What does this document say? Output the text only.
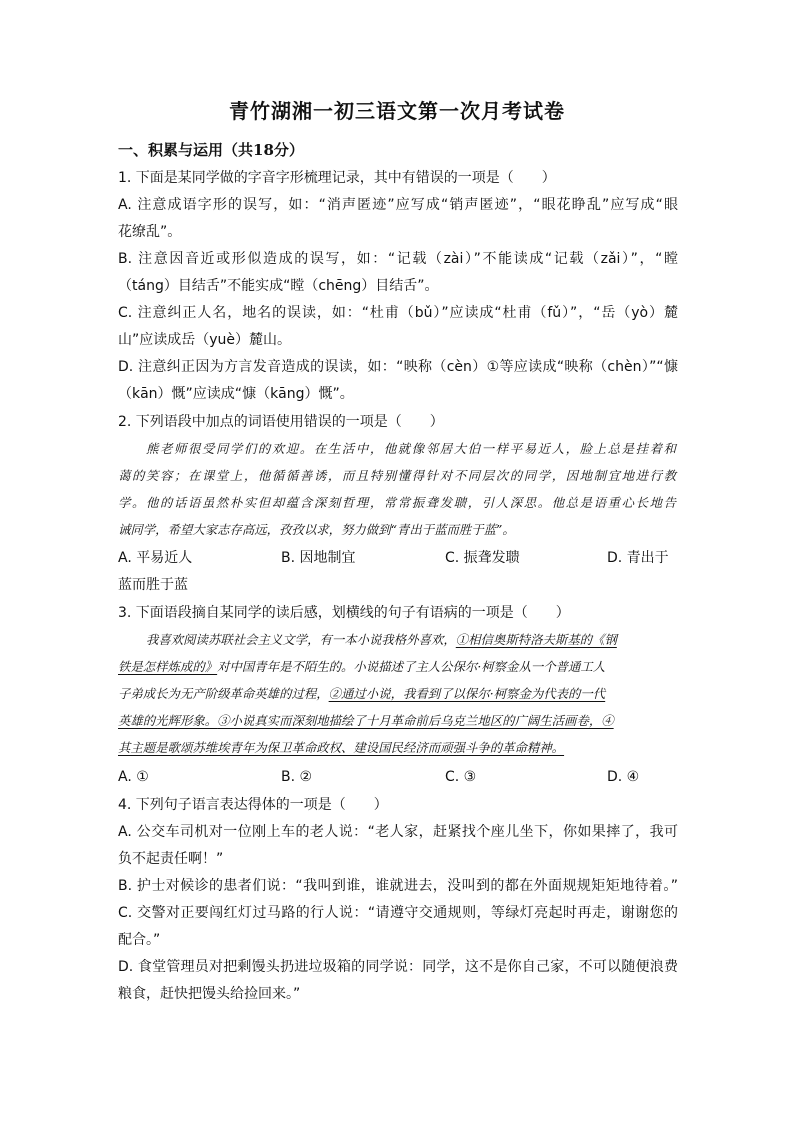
青竹湖湘一初三语文第一次月考试卷
一、积累与运用（共18分）
1. 下面是某同学做的字音字形梳理记录，其中有错误的一项是（　　）
A. 注意成语字形的误写，如：“消声匿迹”应写成“销声匿迹”，“眼花睁乱”应写成“眼
花缭乱”。
B. 注意因音近或形似造成的误写，如：“记载（zài）”不能读成“记载（zǎi）”，“瞠
（táng）目结舌”不能实成“瞠（chēng）目结舌”。
C. 注意纠正人名，地名的误读，如：“杜甫（bǔ）”应读成“杜甫（fǔ）”，“岳（yò）麓
山”应读成岳（yuè）麓山。
D. 注意纠正因为方言发音造成的误读，如：“映称（cèn）①等应读成“映称（chèn）”“慷
（kān）慨”应读成“慷（kāng）慨”。
2. 下列语段中加点的词语使用错误的一项是（　　）
熊老师很受同学们的欢迎。在生活中，他就像邻居大伯一样平易近人，脸上总是挂着和
蔼的笑容；在课堂上，他循循善诱，而且特别懂得针对不同层次的同学，因地制宜地进行教
学。他的话语虽然朴实但却蕴含深刻哲理，常常振聋发聩，引人深思。他总是语重心长地告
诫同学，希望大家志存高远，孜孜以求，努力做到“青出于蓝而胜于蓝”。
A. 平易近人	B. 因地制宜	C. 振聋发聩	D. 青出于
蓝而胜于蓝
3. 下面语段摘自某同学的读后感，划横线的句子有语病的一项是（　　）
我喜欢阅读苏联社会主义文学，有一本小说我格外喜欢，①相信奥斯特洛夫斯基的《钢
铁是怎样炼成的》对中国青年是不陌生的。小说描述了主人公保尔·柯察金从一个普通工人
子弟成长为无产阶级革命英雄的过程，②通过小说，我看到了以保尔·柯察金为代表的一代
英雄的光辉形象。③小说真实而深刻地描绘了十月革命前后乌克兰地区的广阔生活画卷，④
其主题是歌颂苏维埃青年为保卫革命政权、建设国民经济而顽强斗争的革命精神。
A. ①	B. ②	C. ③	D. ④
4. 下列句子语言表达得体的一项是（　　）
A. 公交车司机对一位刚上车的老人说：“老人家，赶紧找个座儿坐下，你如果摔了，我可
负不起责任啊！”
B. 护士对候诊的患者们说：“我叫到谁，谁就进去，没叫到的都在外面规规矩矩地待着。”
C. 交警对正要闯红灯过马路的行人说：“请遵守交通规则，等绿灯亮起时再走，谢谢您的
配合。”
D. 食堂管理员对把剩馒头扔进垃圾箱的同学说：同学，这不是你自己家，不可以随便浪费
粮食，赶快把馒头给捡回来。”
